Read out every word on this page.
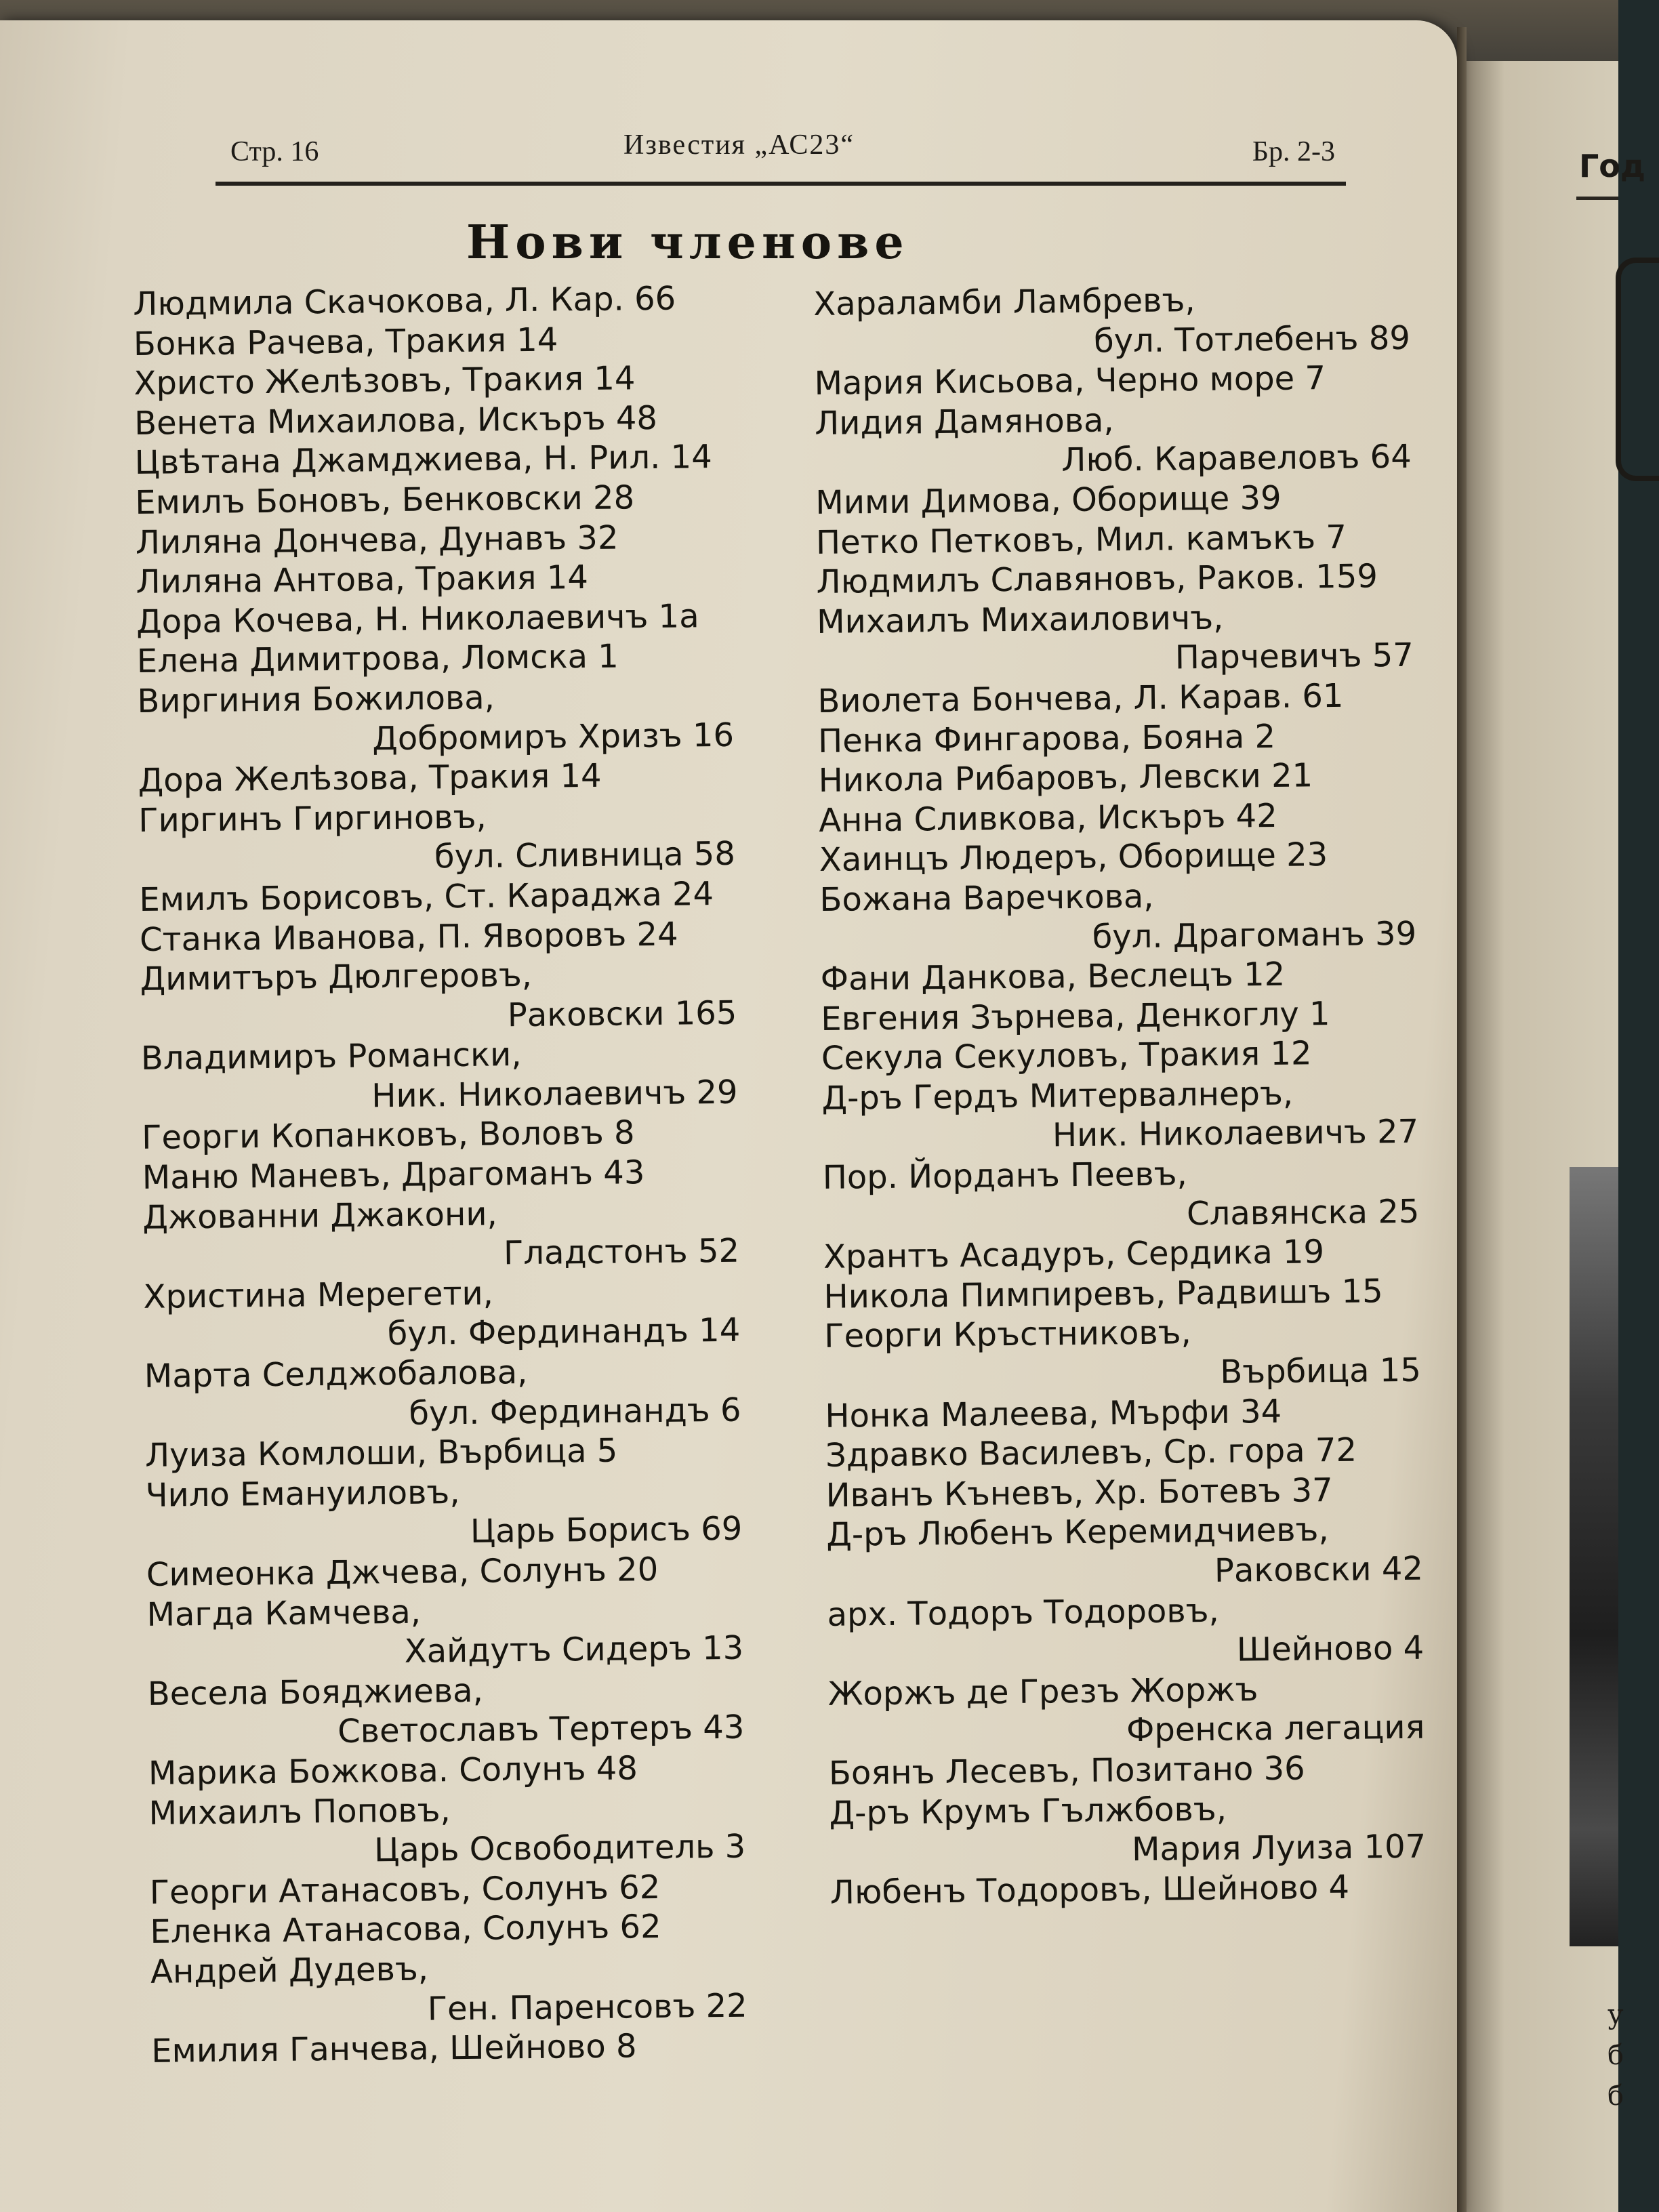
Год
у
б
б
Стр. 16	Известия „АС23“	Бр. 2-3
Нови членове
Людмила Скачокова, Л. Кар. 66
Бонка Рачева, Тракия 14
Христо Желѣзовъ, Тракия 14
Венета Михаилова, Искъръ 48
Цвѣтана Джамджиева, Н. Рил. 14
Емилъ Боновъ, Бенковски 28
Лиляна Дончева, Дунавъ 32
Лиляна Антова, Тракия 14
Дора Кочева, Н. Николаевичъ 1а
Елена Димитрова, Ломска 1
Виргиния Божилова,
Добромиръ Хризъ 16
Дора Желѣзова, Тракия 14
Гиргинъ Гиргиновъ,
бул. Сливница 58
Емилъ Борисовъ, Ст. Караджа 24
Станка Иванова, П. Яворовъ 24
Димитъръ Дюлгеровъ,
Раковски 165
Владимиръ Романски,
Ник. Николаевичъ 29
Георги Копанковъ, Воловъ 8
Маню Маневъ, Драгоманъ 43
Джованни Джакони,
Гладстонъ 52
Христина Мерегети,
бул. Фердинандъ 14
Марта Селджобалова,
бул. Фердинандъ 6
Луиза Комлоши, Върбица 5
Чило Емануиловъ,
Царь Борисъ 69
Симеонка Джчева, Солунъ 20
Магда Камчева,
Хайдутъ Сидеръ 13
Весела Бояджиева,
Светославъ Тертеръ 43
Марика Божкова. Солунъ 48
Михаилъ Поповъ,
Царь Освободитель 3
Георги Атанасовъ, Солунъ 62
Еленка Атанасова, Солунъ 62
Андрей Дудевъ,
Ген. Паренсовъ 22
Емилия Ганчева, Шейново 8
Хараламби Ламбревъ,
бул. Тотлебенъ 89
Мария Кисьова, Черно море 7
Лидия Дамянова,
Люб. Каравеловъ 64
Мими Димова, Оборище 39
Петко Петковъ, Мил. камъкъ 7
Людмилъ Славяновъ, Раков. 159
Михаилъ Михаиловичъ,
Парчевичъ 57
Виолета Бончева, Л. Карав. 61
Пенка Фингарова, Бояна 2
Никола Рибаровъ, Левски 21
Анна Сливкова, Искъръ 42
Хаинцъ Людеръ, Оборище 23
Божана Варечкова,
бул. Драгоманъ 39
Фани Данкова, Веслецъ 12
Евгения Зърнева, Денкоглу 1
Секула Секуловъ, Тракия 12
Д-ръ Гердъ Митервалнеръ,
Ник. Николаевичъ 27
Пор. Йорданъ Пеевъ,
Славянска 25
Хрантъ Асадуръ, Сердика 19
Никола Пимпиревъ, Радвишъ 15
Георги Кръстниковъ,
Върбица 15
Нонка Малеева, Мърфи 34
Здравко Василевъ, Ср. гора 72
Иванъ Къневъ, Хр. Ботевъ 37
Д-ръ Любенъ Керемидчиевъ,
Раковски 42
арх. Тодоръ Тодоровъ,
Шейново 4
Жоржъ де Грезъ Жоржъ
Френска легация
Боянъ Лесевъ, Позитано 36
Д-ръ Крумъ Гължбовъ,
Мария Луиза 107
Любенъ Тодоровъ, Шейново 4
